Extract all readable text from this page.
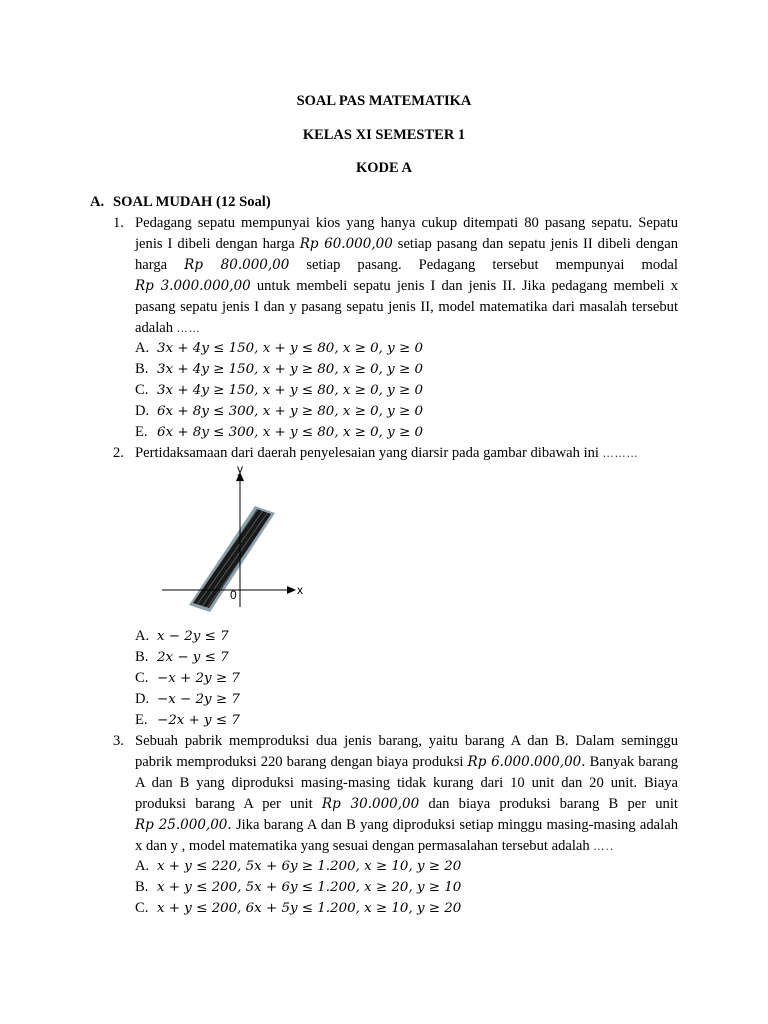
SOAL PAS MATEMATIKA
KELAS XI SEMESTER 1
KODE A
A. SOAL MUDAH (12 Soal)
1. Pedagang sepatu mempunyai kios yang hanya cukup ditempati 80 pasang sepatu. Sepatu
jenis I dibeli dengan harga Rp 60.000,00 setiap pasang dan sepatu jenis II dibeli dengan
harga Rp 80.000,00 setiap pasang. Pedagang tersebut mempunyai modal
Rp 3.000.000,00 untuk membeli sepatu jenis I dan jenis II. Jika pedagang membeli x
pasang sepatu jenis I dan y pasang sepatu jenis II, model matematika dari masalah tersebut
adalah ……
A. 3x + 4y ≤ 150, x + y ≤ 80, x ≥ 0, y ≥ 0
B. 3x + 4y ≥ 150, x + y ≥ 80, x ≥ 0, y ≥ 0
C. 3x + 4y ≥ 150, x + y ≤ 80, x ≥ 0, y ≥ 0
D. 6x + 8y ≤ 300, x + y ≥ 80, x ≥ 0, y ≥ 0
E. 6x + 8y ≤ 300, x + y ≤ 80, x ≥ 0, y ≥ 0
2. Pertidaksamaan dari daerah penyelesaian yang diarsir pada gambar dibawah ini ………
y
x
0
A. x − 2y ≤ 7
B. 2x − y ≤ 7
C. −x + 2y ≥ 7
D. −x − 2y ≥ 7
E. −2x + y ≤ 7
3. Sebuah pabrik memproduksi dua jenis barang, yaitu barang A dan B. Dalam seminggu
pabrik memproduksi 220 barang dengan biaya produksi Rp 6.000.000,00. Banyak barang
A dan B yang diproduksi masing-masing tidak kurang dari 10 unit dan 20 unit. Biaya
produksi barang A per unit Rp 30.000,00 dan biaya produksi barang B per unit
Rp 25.000,00. Jika barang A dan B yang diproduksi setiap minggu masing-masing adalah
x dan y , model matematika yang sesuai dengan permasalahan tersebut adalah …..
A. x + y ≤ 220, 5x + 6y ≥ 1.200, x ≥ 10, y ≥ 20
B. x + y ≤ 200, 5x + 6y ≤ 1.200, x ≥ 20, y ≥ 10
C. x + y ≤ 200, 6x + 5y ≤ 1.200, x ≥ 10, y ≥ 20
